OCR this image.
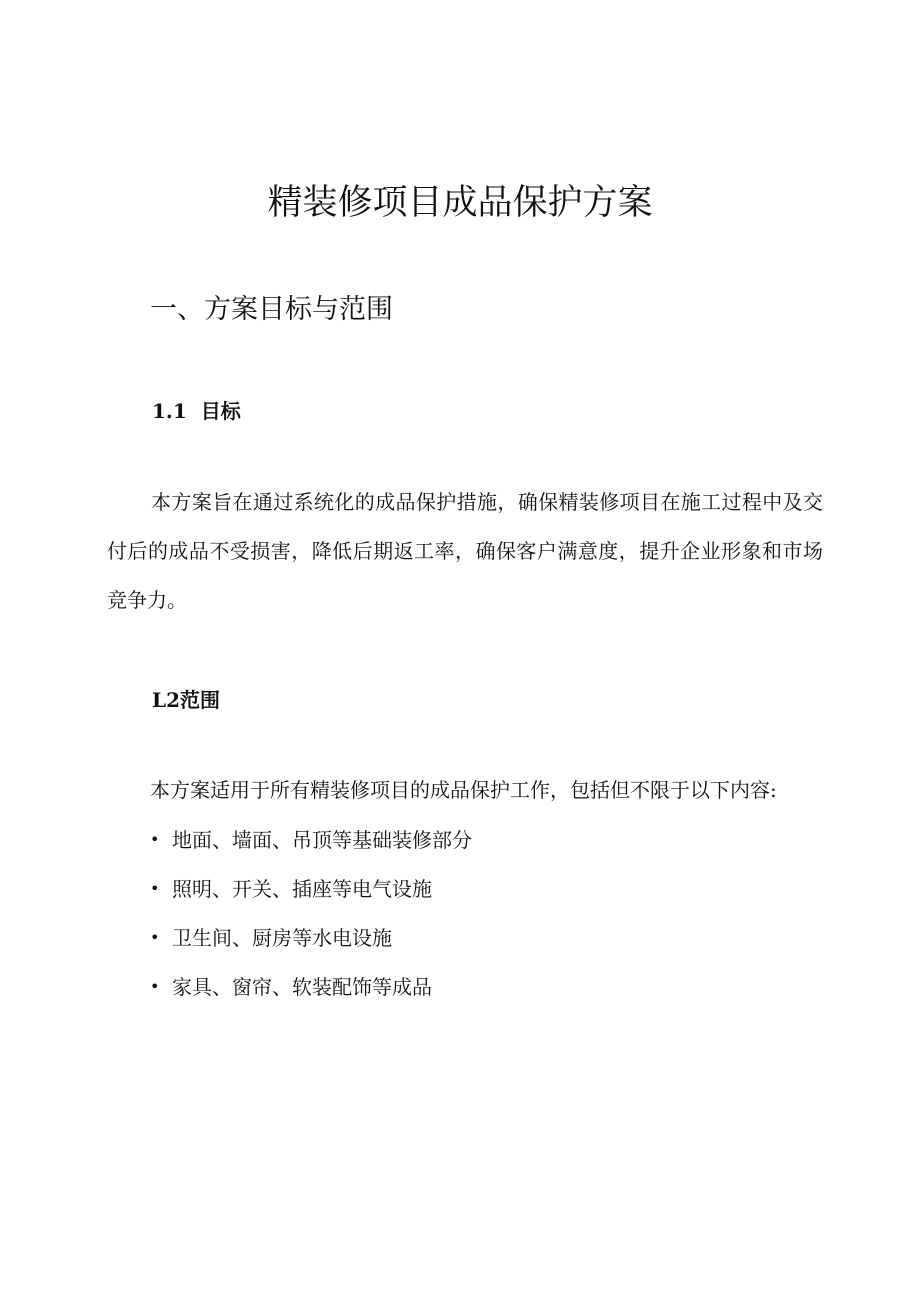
精装修项目成品保护方案
一、方案目标与范围
1.1 目标

本方案旨在通过系统化的成品保护措施，确保精装修项目在施工过程中及交付后的成品不受损害，降低后期返工率，确保客户满意度，提升企业形象和市场竞争力。

L2范围

本方案适用于所有精装修项目的成品保护工作，包括但不限于以下内容:

• 地面、墙面、吊顶等基础装修部分
• 照明、开关、插座等电气设施
• 卫生间、厨房等水电设施
• 家具、窗帘、软装配饰等成品
